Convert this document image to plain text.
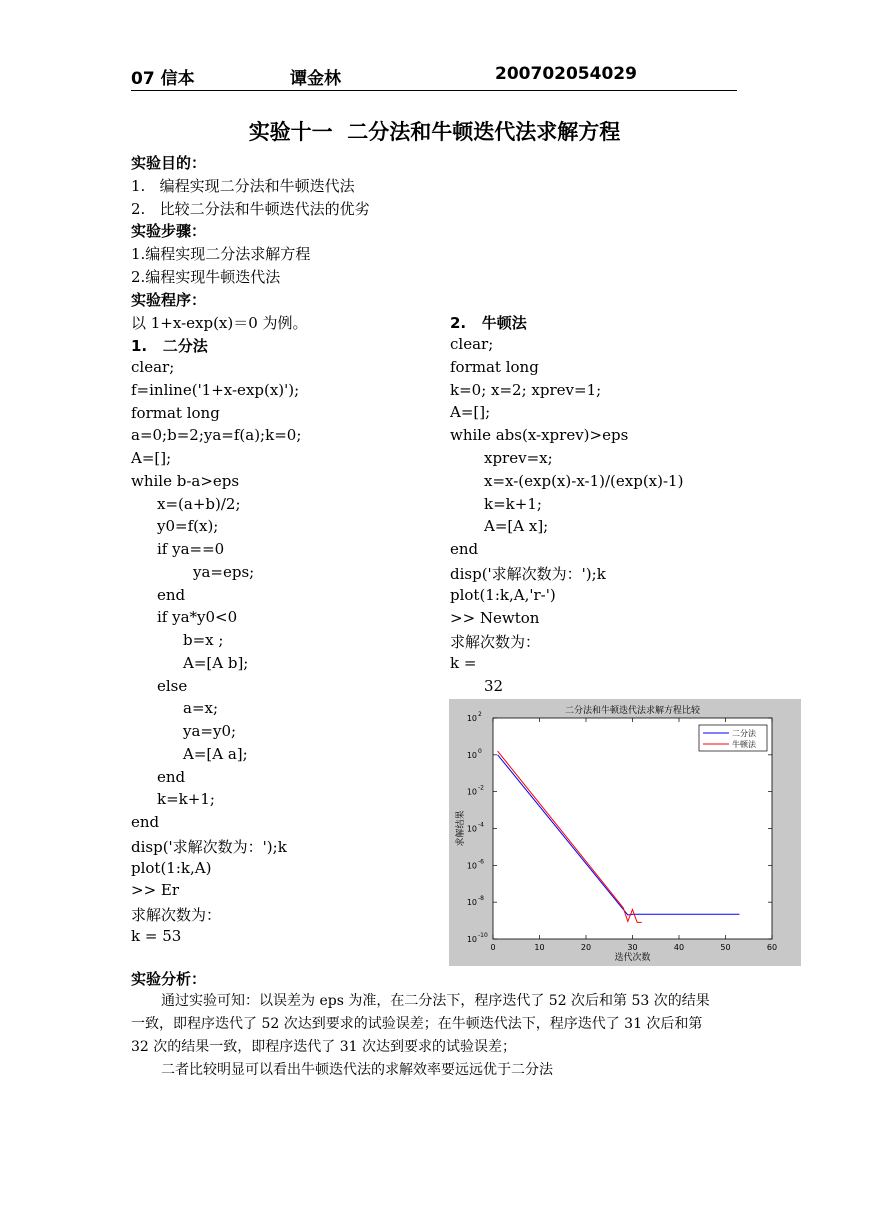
07 信本	谭金林	200702054029
实验十一  二分法和牛顿迭代法求解方程
实验目的：
1.   编程实现二分法和牛顿迭代法
2.   比较二分法和牛顿迭代法的优劣
实验步骤：
1.编程实现二分法求解方程
2.编程实现牛顿迭代法
实验程序：
以 1+x-exp(x)＝0 为例。
1.   二分法
clear;
f=inline('1+x-exp(x)');
format long
a=0;b=2;ya=f(a);k=0;
A=[];
while b-a>eps
x=(a+b)/2;
y0=f(x);
if ya==0
ya=eps;
end
if ya*y0<0
b=x ;
A=[A b];
else
a=x;
ya=y0;
A=[A a];
end
k=k+1;
end
disp('求解次数为：');k
plot(1:k,A)
>> Er
求解次数为：
k = 53
2.   牛顿法
clear;
format long
k=0; x=2; xprev=1;
A=[];
while abs(x-xprev)>eps
xprev=x;
x=x-(exp(x)-x-1)/(exp(x)-1)
k=k+1;
A=[A x];
end
disp('求解次数为：');k
plot(1:k,A,'r-')
>> Newton
求解次数为：
k =
32
二分法和牛顿迭代法求解方程比较
0	10	20	30	40	50	60
10 2
10 0
10 -2
10 -4
10 -6
10 -8
10 -10
迭代次数
求解结果
二分法
牛顿法
实验分析：
通过实验可知：以误差为 eps 为准，在二分法下，程序迭代了 52 次后和第 53 次的结果
一致，即程序迭代了 52 次达到要求的试验误差；在牛顿迭代法下，程序迭代了 31 次后和第
32 次的结果一致，即程序迭代了 31 次达到要求的试验误差；
二者比较明显可以看出牛顿迭代法的求解效率要远远优于二分法
